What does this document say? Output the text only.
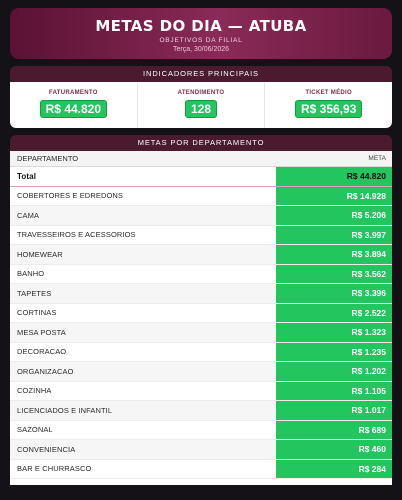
METAS DO DIA — ATUBA
OBJETIVOS DA FILIAL
Terça, 30/06/2026
INDICADORES PRINCIPAIS
FATURAMENTO
R$ 44.820
ATENDIMENTO
128
TICKET MÉDIO
R$ 356,93
METAS POR DEPARTAMENTO
DEPARTAMENTO	META
Total	R$ 44.820
COBERTORES E EDREDONS	R$ 14.928
CAMA	R$ 5.206
TRAVESSEIROS E ACESSORIOS	R$ 3.997
HOMEWEAR	R$ 3.894
BANHO	R$ 3.562
TAPETES	R$ 3.396
CORTINAS	R$ 2.522
MESA POSTA	R$ 1.323
DECORACAO	R$ 1.235
ORGANIZACAO	R$ 1.202
COZINHA	R$ 1.105
LICENCIADOS E INFANTIL	R$ 1.017
SAZONAL	R$ 689
CONVENIENCIA	R$ 460
BAR E CHURRASCO	R$ 284
